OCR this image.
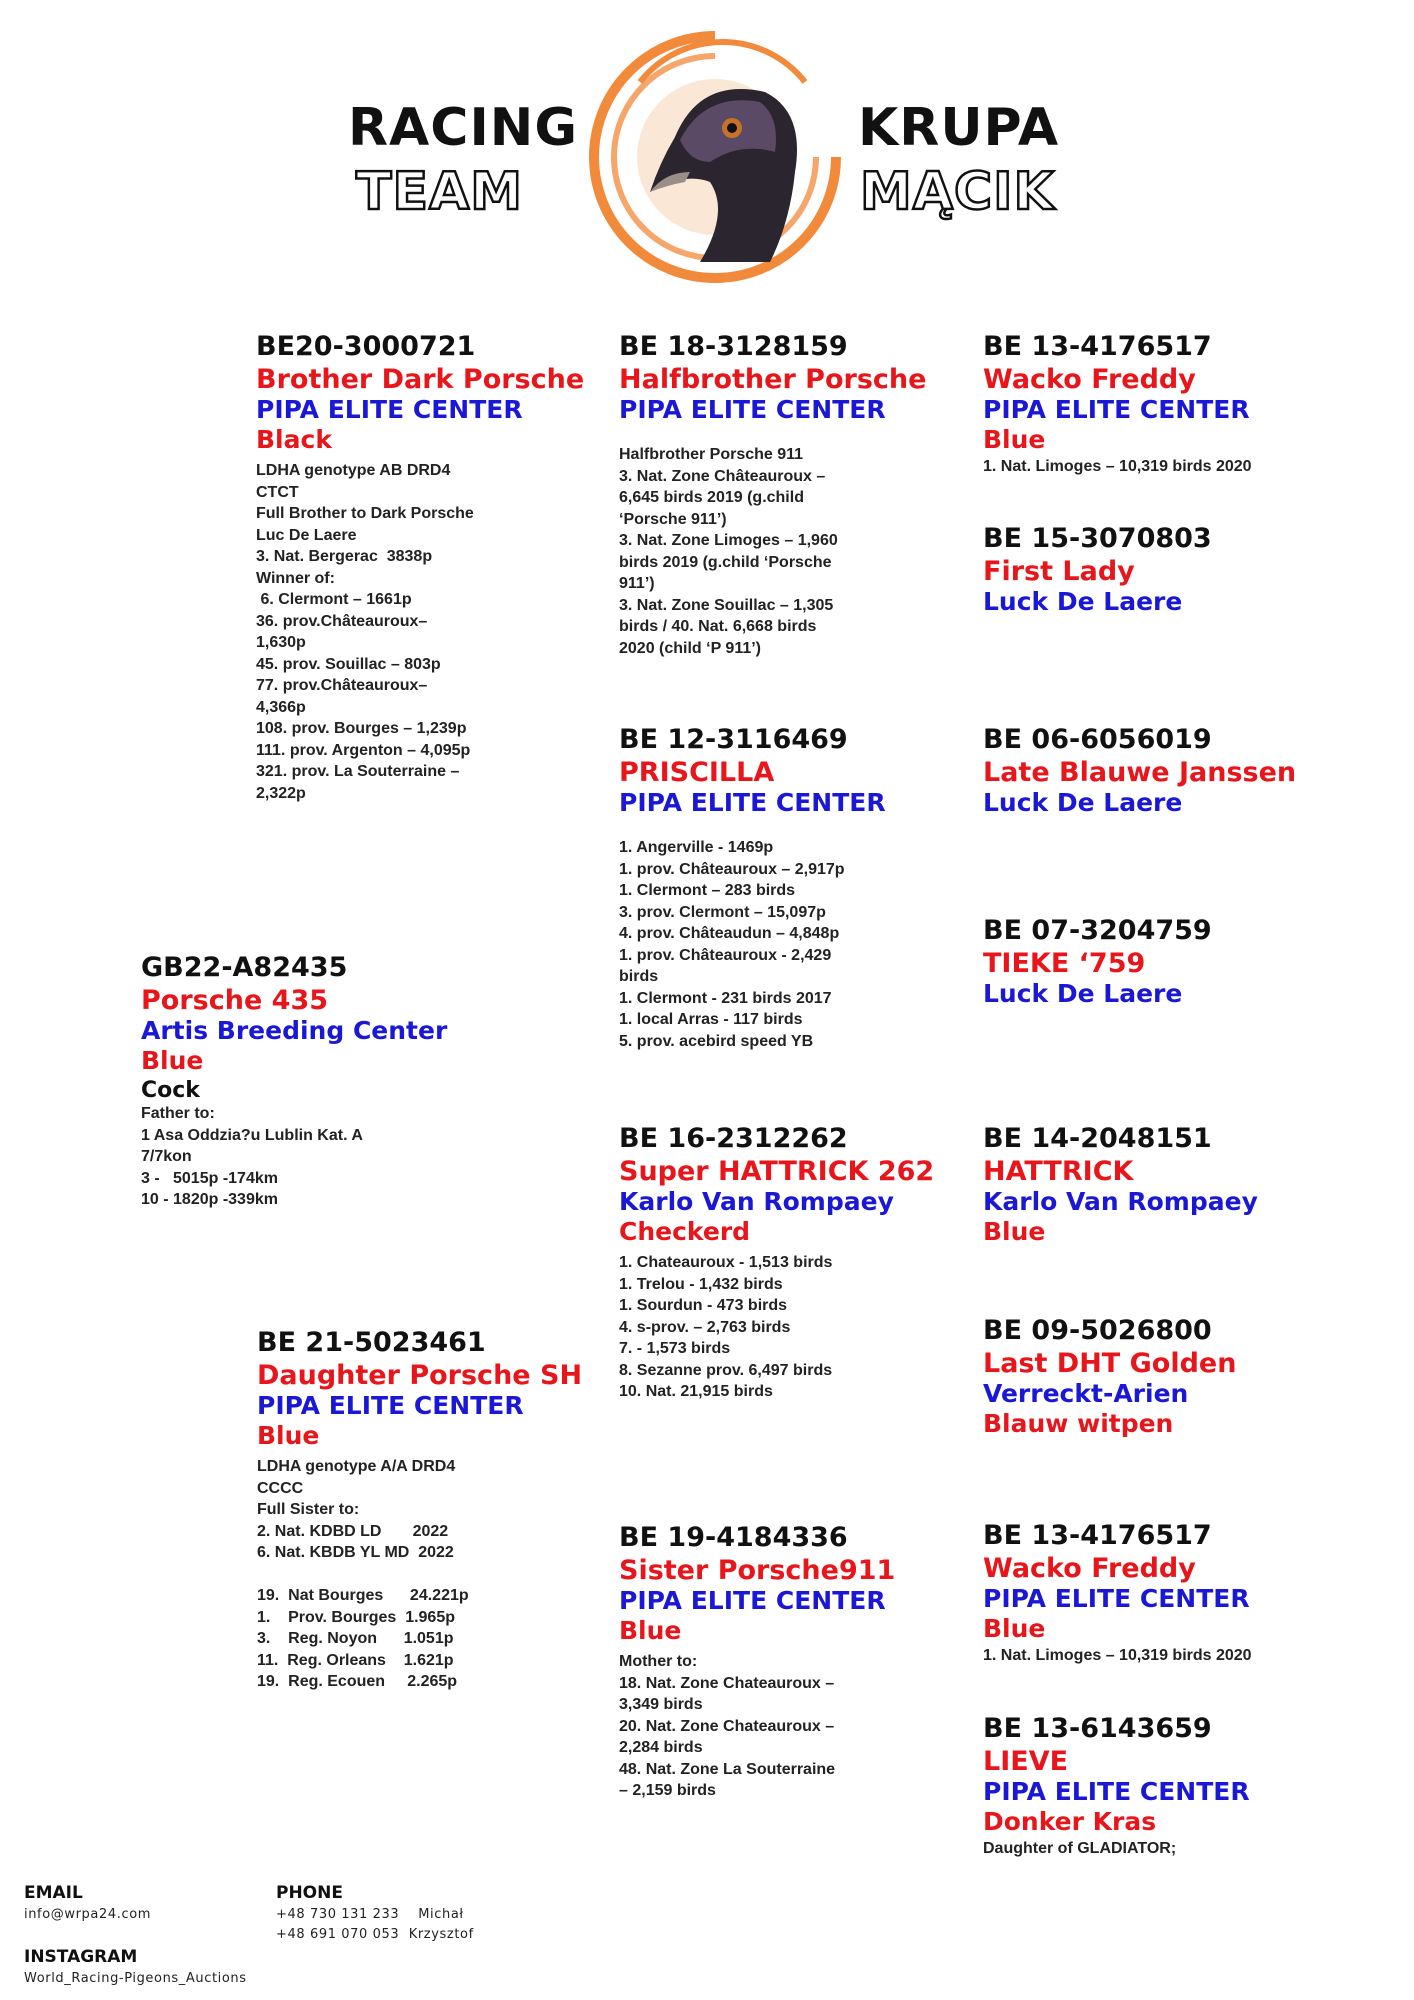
RACING
TEAM
KRUPA
MĄCIK
GB22-A82435
Porsche 435
Artis Breeding Center
Blue
Cock
Father to:
1 Asa Oddzia?u Lublin Kat. A
7/7kon
3 -   5015p -174km
10 - 1820p -339km
BE20-3000721
Brother Dark Porsche
PIPA ELITE CENTER
Black
LDHA genotype AB DRD4
CTCT
Full Brother to Dark Porsche
Luc De Laere
3. Nat. Bergerac  3838p
Winner of:
6. Clermont – 1661p
36. prov.Châteauroux–
1,630p
45. prov. Souillac – 803p
77. prov.Châteauroux–
4,366p
108. prov. Bourges – 1,239p
111. prov. Argenton – 4,095p
321. prov. La Souterraine –
2,322p
BE 21-5023461
Daughter Porsche SH
PIPA ELITE CENTER
Blue
LDHA genotype A/A DRD4
CCCC
Full Sister to:
2. Nat. KDBD LD       2022
6. Nat. KBDB YL MD  2022

19.  Nat Bourges      24.221p
1.    Prov. Bourges  1.965p
3.    Reg. Noyon      1.051p
11.  Reg. Orleans    1.621p
19.  Reg. Ecouen     2.265p
BE 18-3128159
Halfbrother Porsche
PIPA ELITE CENTER
Halfbrother Porsche 911
3. Nat. Zone Châteauroux –
6,645 birds 2019 (g.child
‘Porsche 911’)
3. Nat. Zone Limoges – 1,960
birds 2019 (g.child ‘Porsche
911’)
3. Nat. Zone Souillac – 1,305
birds / 40. Nat. 6,668 birds
2020 (child ‘P 911’)
BE 12-3116469
PRISCILLA
PIPA ELITE CENTER
1. Angerville - 1469p
1. prov. Châteauroux – 2,917p
1. Clermont – 283 birds
3. prov. Clermont – 15,097p
4. prov. Châteaudun – 4,848p
1. prov. Châteauroux - 2,429
birds
1. Clermont - 231 birds 2017
1. local Arras - 117 birds
5. prov. acebird speed YB
BE 16-2312262
Super HATTRICK 262
Karlo Van Rompaey
Checkerd
1. Chateauroux - 1,513 birds
1. Trelou - 1,432 birds
1. Sourdun - 473 birds
4. s-prov. – 2,763 birds
7. - 1,573 birds
8. Sezanne prov. 6,497 birds
10. Nat. 21,915 birds
BE 19-4184336
Sister Porsche911
PIPA ELITE CENTER
Blue
Mother to:
18. Nat. Zone Chateauroux –
3,349 birds
20. Nat. Zone Chateauroux –
2,284 birds
48. Nat. Zone La Souterraine
– 2,159 birds
BE 13-4176517
Wacko Freddy
PIPA ELITE CENTER
Blue
1. Nat. Limoges – 10,319 birds 2020
BE 15-3070803
First Lady
Luck De Laere
BE 06-6056019
Late Blauwe Janssen
Luck De Laere
BE 07-3204759
TIEKE ‘759
Luck De Laere
BE 14-2048151
HATTRICK
Karlo Van Rompaey
Blue
BE 09-5026800
Last DHT Golden
Verreckt-Arien
Blauw witpen
BE 13-4176517
Wacko Freddy
PIPA ELITE CENTER
Blue
1. Nat. Limoges – 10,319 birds 2020
BE 13-6143659
LIEVE
PIPA ELITE CENTER
Donker Kras
Daughter of GLADIATOR;
EMAIL
info@wrpa24.com
PHONE
+48 730 131 233    Michał
+48 691 070 053  Krzysztof
INSTAGRAM
World_Racing-Pigeons_Auctions
